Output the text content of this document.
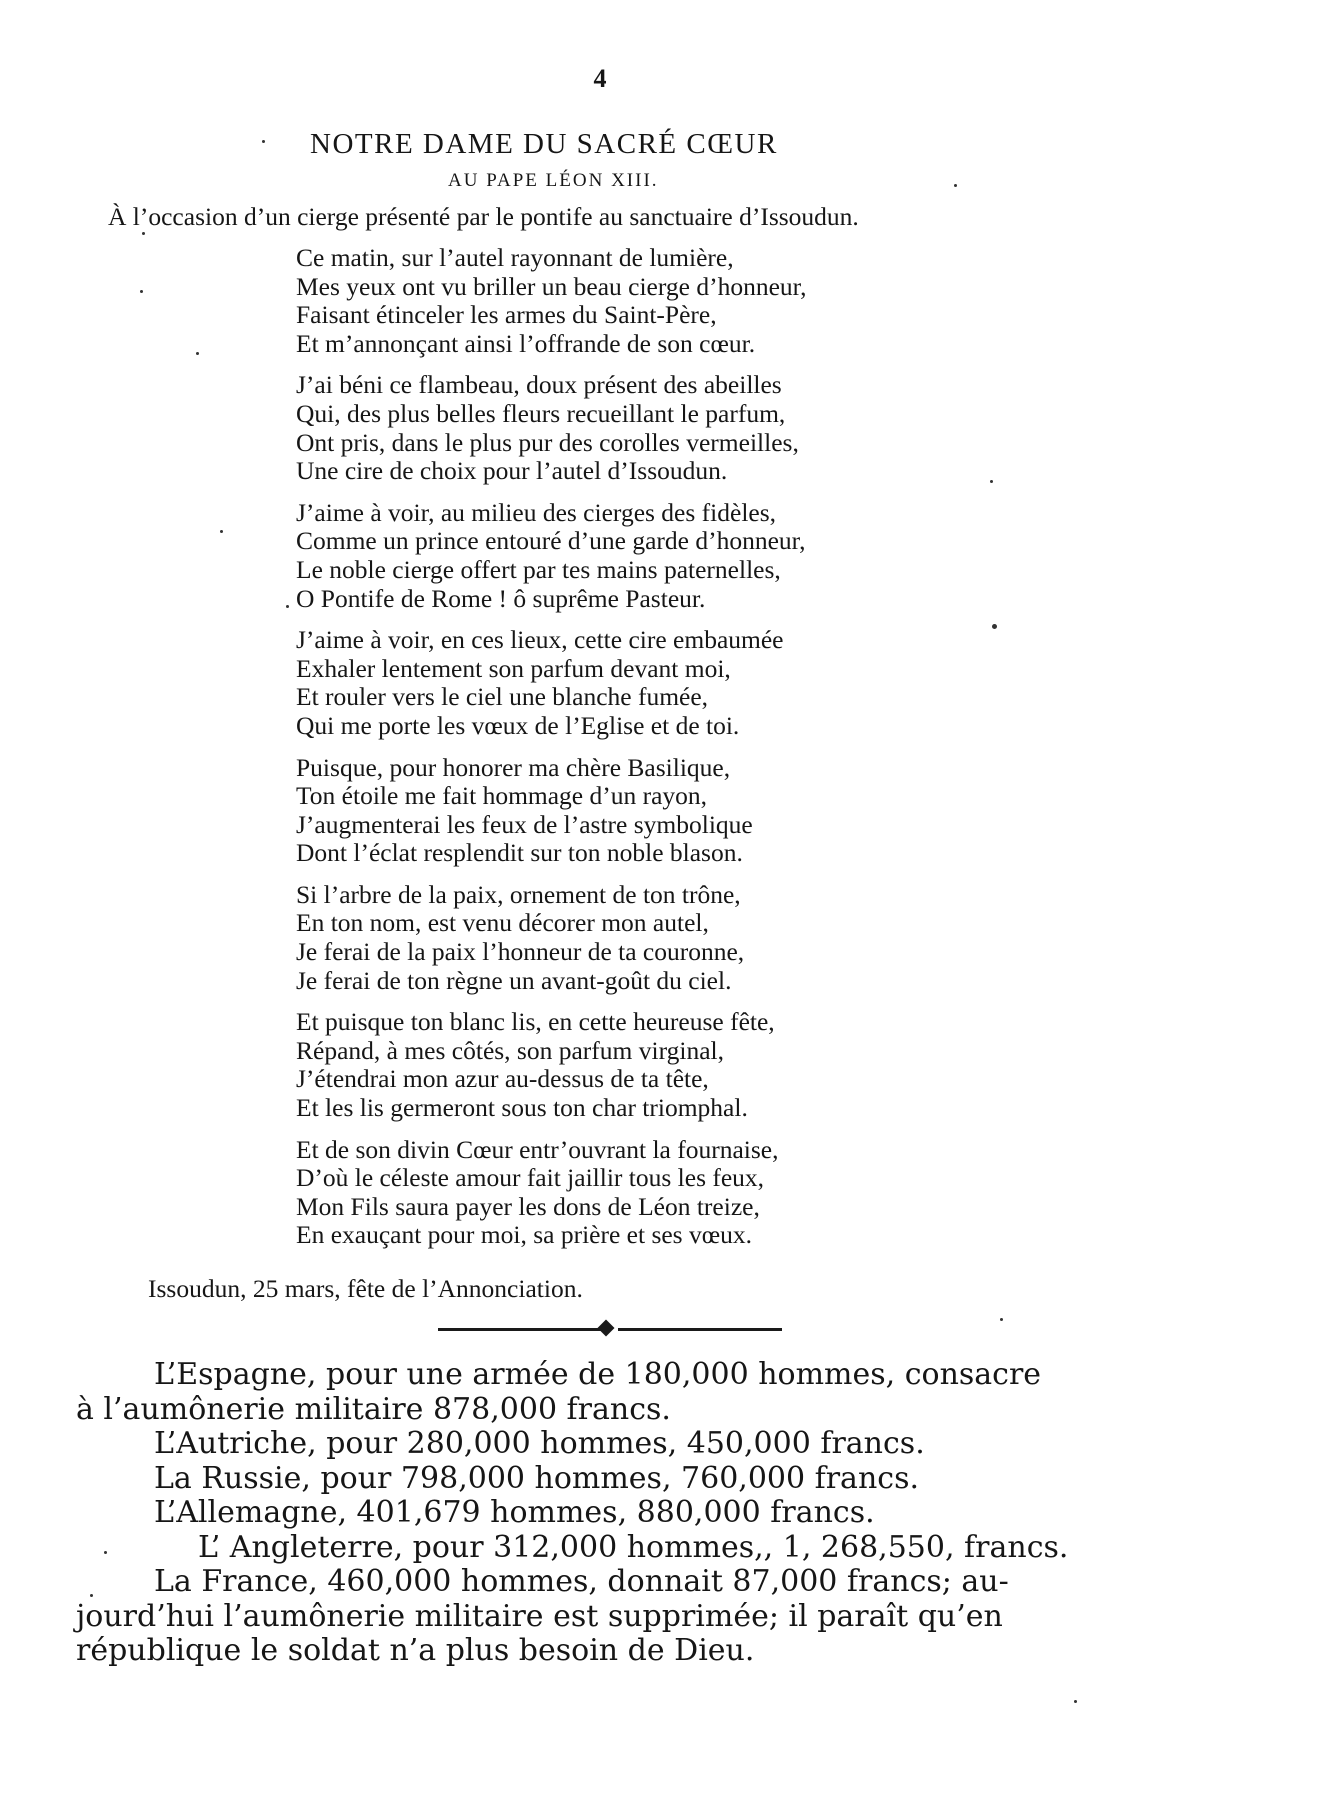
4
NOTRE DAME DU SACRÉ CŒUR
AU PAPE LÉON XIII.
À l’occasion d’un cierge présenté par le pontife au sanctuaire d’Issoudun.
Ce matin, sur l’autel rayonnant de lumière,
Mes yeux ont vu briller un beau cierge d’honneur,
Faisant étinceler les armes du Saint-Père,
Et m’annonçant ainsi l’offrande de son cœur.
J’ai béni ce flambeau, doux présent des abeilles
Qui, des plus belles fleurs recueillant le parfum,
Ont pris, dans le plus pur des corolles vermeilles,
Une cire de choix pour l’autel d’Issoudun.
J’aime à voir, au milieu des cierges des fidèles,
Comme un prince entouré d’une garde d’honneur,
Le noble cierge offert par tes mains paternelles,
O Pontife de Rome ! ô suprême Pasteur.
J’aime à voir, en ces lieux, cette cire embaumée
Exhaler lentement son parfum devant moi,
Et rouler vers le ciel une blanche fumée,
Qui me porte les vœux de l’Eglise et de toi.
Puisque, pour honorer ma chère Basilique,
Ton étoile me fait hommage d’un rayon,
J’augmenterai les feux de l’astre symbolique
Dont l’éclat resplendit sur ton noble blason.
Si l’arbre de la paix, ornement de ton trône,
En ton nom, est venu décorer mon autel,
Je ferai de la paix l’honneur de ta couronne,
Je ferai de ton règne un avant-goût du ciel.
Et puisque ton blanc lis, en cette heureuse fête,
Répand, à mes côtés, son parfum virginal,
J’étendrai mon azur au-dessus de ta tête,
Et les lis germeront sous ton char triomphal.
Et de son divin Cœur entr’ouvrant la fournaise,
D’où le céleste amour fait jaillir tous les feux,
Mon Fils saura payer les dons de Léon treize,
En exauçant pour moi, sa prière et ses vœux.
Issoudun, 25 mars, fête de l’Annonciation.
L’Espagne, pour une armée de 180,000 hommes, consacre
à l’aumônerie militaire 878,000 francs.
L’Autriche, pour 280,000 hommes, 450,000 francs.
La Russie, pour 798,000 hommes, 760,000 francs.
L’Allemagne, 401,679 hommes, 880,000 francs.
L’ Angleterre, pour 312,000 hommes,, 1, 268,550, francs.
La France, 460,000 hommes, donnait 87,000 francs; au-
jourd’hui l’aumônerie militaire est supprimée; il paraît qu’en
république le soldat n’a plus besoin de Dieu.
